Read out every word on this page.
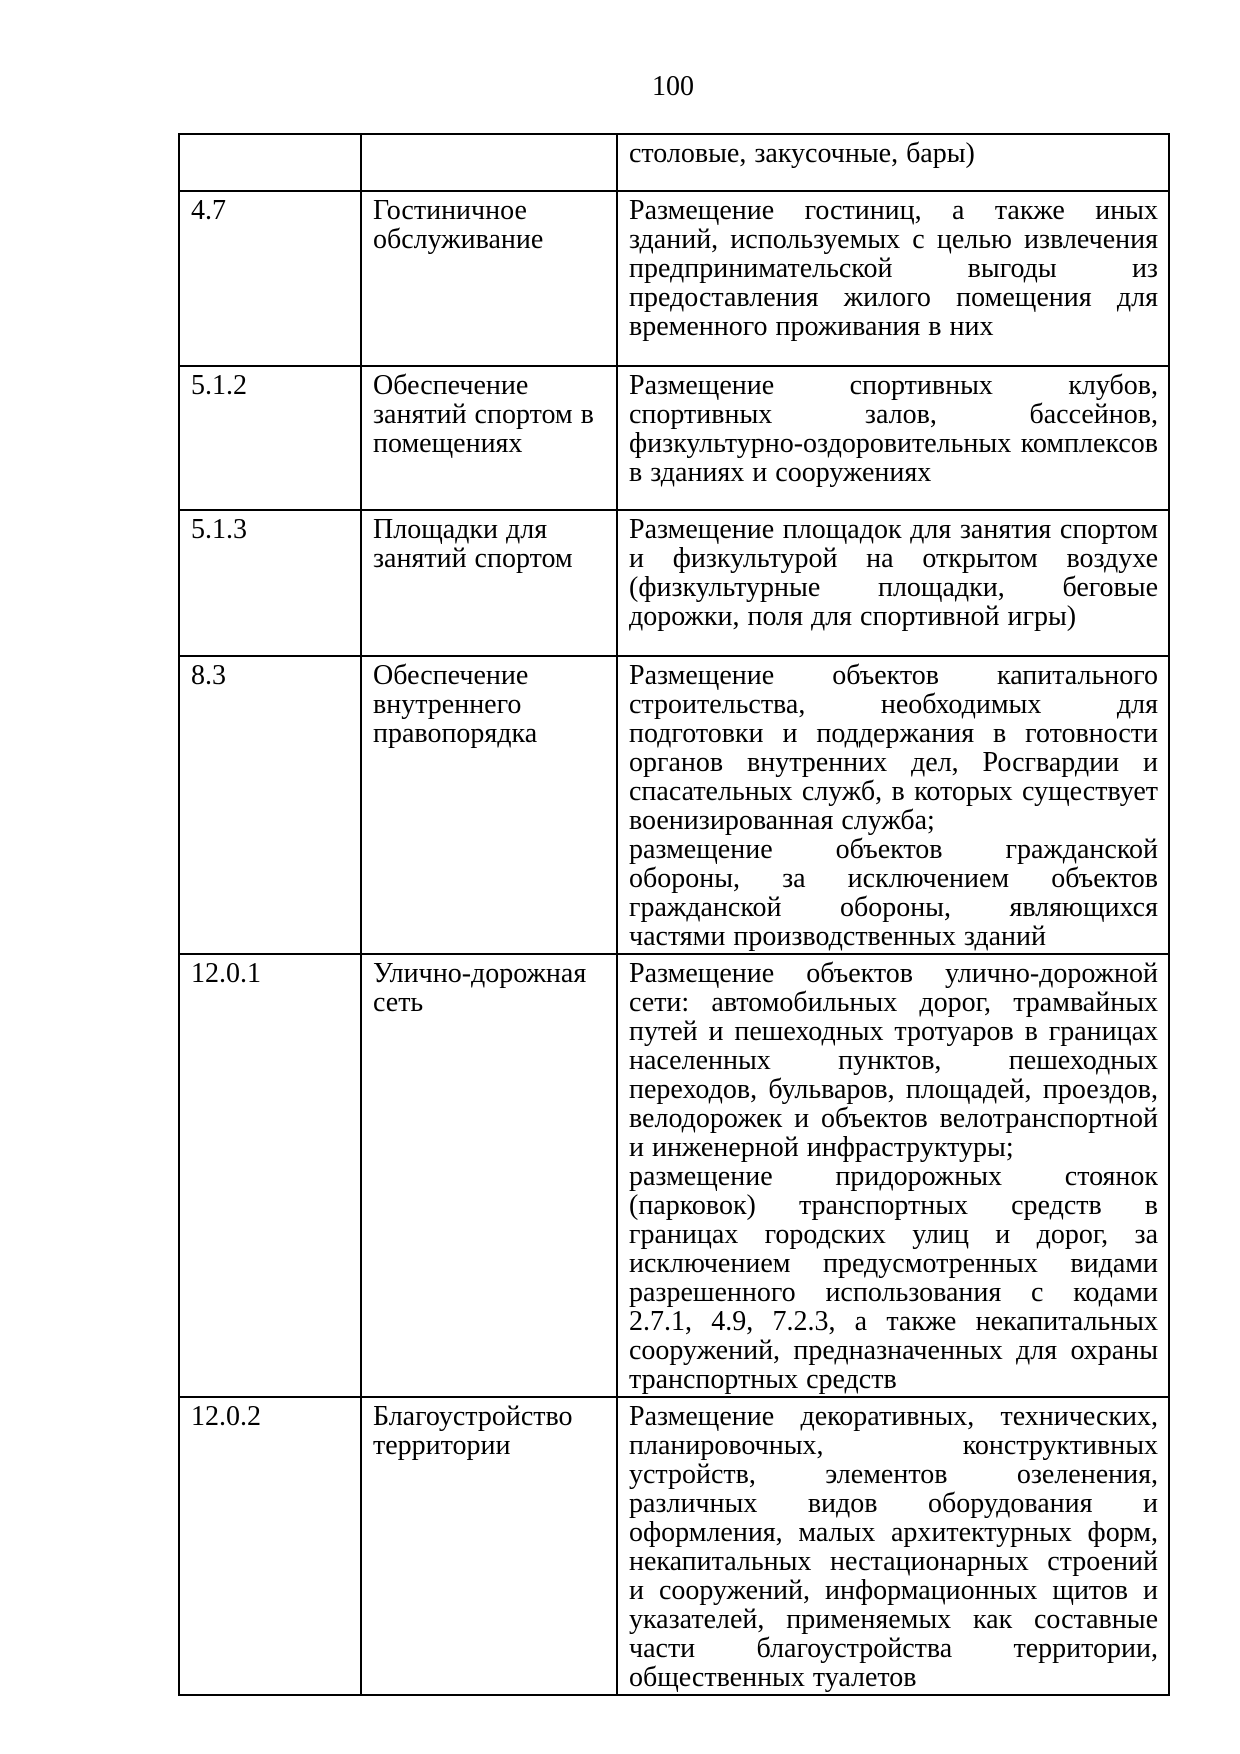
100

		столовые, закусочные, бары)

4.7	Гостиничное обслуживание	Размещение гостиниц, а также иных зданий, используемых с целью извлечения предпринимательской выгоды из предоставления жилого помещения для временного проживания в них

5.1.2	Обеспечение занятий спортом в помещениях	Размещение спортивных клубов, спортивных залов, бассейнов, физкультурно-оздоровительных комплексов в зданиях и сооружениях

5.1.3	Площадки для занятий спортом	Размещение площадок для занятия спортом и физкультурой на открытом воздухе (физкультурные площадки, беговые дорожки, поля для спортивной игры)

8.3	Обеспечение внутреннего правопорядка	Размещение объектов капитального строительства, необходимых для подготовки и поддержания в готовности органов внутренних дел, Росгвардии и спасательных служб, в которых существует военизированная служба;

размещение объектов гражданской обороны, за исключением объектов гражданской обороны, являющихся частями производственных зданий

12.0.1	Улично-дорожная сеть	Размещение объектов улично-дорожной сети: автомобильных дорог, трамвайных путей и пешеходных тротуаров в границах населенных пунктов, пешеходных переходов, бульваров, площадей, проездов, велодорожек и объектов велотранспортной и инженерной инфраструктуры;

размещение придорожных стоянок (парковок) транспортных средств в границах городских улиц и дорог, за исключением предусмотренных видами разрешенного использования с кодами 2.7.1, 4.9, 7.2.3, а также некапитальных сооружений, предназначенных для охраны транспортных средств

12.0.2	Благоустройство территории	Размещение декоративных, технических, планировочных, конструктивных устройств, элементов озеленения, различных видов оборудования и оформления, малых архитектурных форм, некапитальных нестационарных строений и сооружений, информационных щитов и указателей, применяемых как составные части благоустройства территории, общественных туалетов
